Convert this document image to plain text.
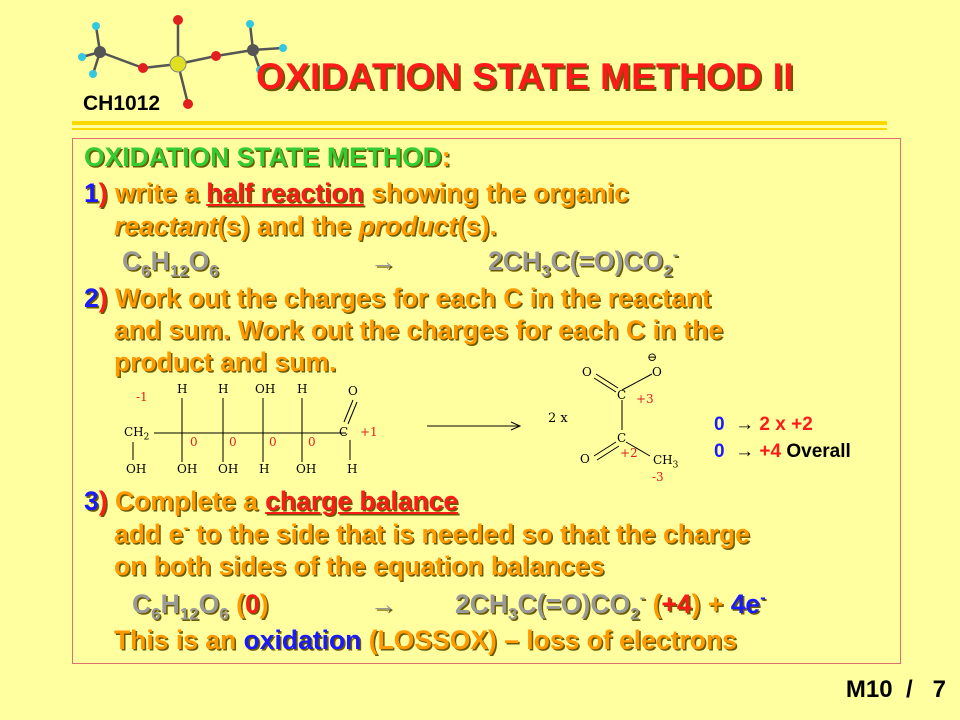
CH1012
OXIDATION STATE METHOD II
OXIDATION STATE METHOD:
1) write a half reaction showing the organic
reactant(s) and the product(s).
$C_6H_{12}O_6$	→	$2CH_3C(=O)CO_2^-$
2) Work out the charges for each C in the reactant
and sum. Work out the charges for each C in the
product and sum.
-1
H	H OH H	O
$CH_2$	0	0	0	0
C +1
OH	OH OH H OH	H
⊖
O	O
C +3
C
O	+2 $CH_3$
-3
2 x	0 → 2 x +2
0 → +4 Overall
3) Complete a charge balance
add e- to the side that is needed so that the charge
on both sides of the equation balances
$C_6H_{12}O_6$ (0)	→ $2CH_3C(=O)CO_2^-$ (+4) + 4e-
This is an oxidation (LOSSOX) – loss of electrons
M10 / 7
